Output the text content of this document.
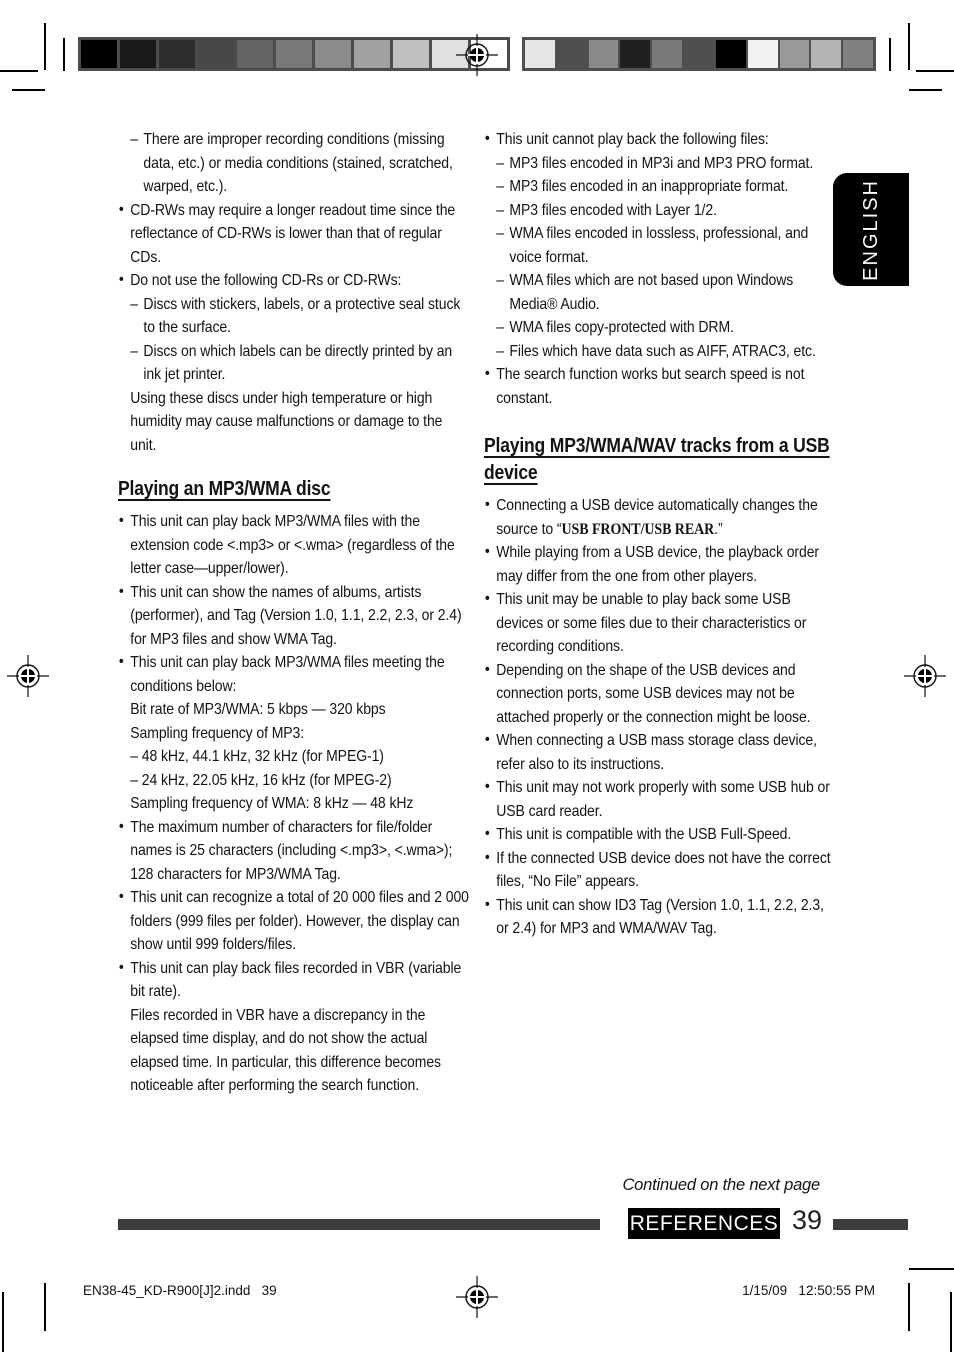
ENGLISH
– There are improper recording conditions (missing data, etc.) or media conditions (stained, scratched, warped, etc.).
• CD-RWs may require a longer readout time since the reflectance of CD-RWs is lower than that of regular CDs.
• Do not use the following CD-Rs or CD-RWs:
– Discs with stickers, labels, or a protective seal stuck to the surface.
– Discs on which labels can be directly printed by an ink jet printer.
Using these discs under high temperature or high humidity may cause malfunctions or damage to the unit.
Playing an MP3/WMA disc
• This unit can play back MP3/WMA files with the extension code <.mp3> or <.wma> (regardless of the letter case—upper/lower).
• This unit can show the names of albums, artists (performer), and Tag (Version 1.0, 1.1, 2.2, 2.3, or 2.4) for MP3 files and show WMA Tag.
• This unit can play back MP3/WMA files meeting the conditions below:
Bit rate of MP3/WMA: 5 kbps — 320 kbps
Sampling frequency of MP3:
– 48 kHz, 44.1 kHz, 32 kHz (for MPEG-1)
– 24 kHz, 22.05 kHz, 16 kHz (for MPEG-2)
Sampling frequency of WMA: 8 kHz — 48 kHz
• The maximum number of characters for file/folder names is 25 characters (including <.mp3>, <.wma>); 128 characters for MP3/WMA Tag.
• This unit can recognize a total of 20 000 files and 2 000 folders (999 files per folder). However, the display can show until 999 folders/files.
• This unit can play back files recorded in VBR (variable bit rate).
Files recorded in VBR have a discrepancy in the elapsed time display, and do not show the actual elapsed time. In particular, this difference becomes noticeable after performing the search function.
• This unit cannot play back the following files:
– MP3 files encoded in MP3i and MP3 PRO format.
– MP3 files encoded in an inappropriate format.
– MP3 files encoded with Layer 1/2.
– WMA files encoded in lossless, professional, and voice format.
– WMA files which are not based upon Windows Media® Audio.
– WMA files copy-protected with DRM.
– Files which have data such as AIFF, ATRAC3, etc.
• The search function works but search speed is not constant.
Playing MP3/WMA/WAV tracks from a USB device
• Connecting a USB device automatically changes the source to “USB FRONT/USB REAR.”
• While playing from a USB device, the playback order may differ from the one from other players.
• This unit may be unable to play back some USB devices or some files due to their characteristics or recording conditions.
• Depending on the shape of the USB devices and connection ports, some USB devices may not be attached properly or the connection might be loose.
• When connecting a USB mass storage class device, refer also to its instructions.
• This unit may not work properly with some USB hub or USB card reader.
• This unit is compatible with the USB Full-Speed.
• If the connected USB device does not have the correct files, “No File” appears.
• This unit can show ID3 Tag (Version 1.0, 1.1, 2.2, 2.3, or 2.4) for MP3 and WMA/WAV Tag.
Continued on the next page
REFERENCES 39
EN38-45_KD-R900[J]2.indd   39	1/15/09   12:50:55 PM
